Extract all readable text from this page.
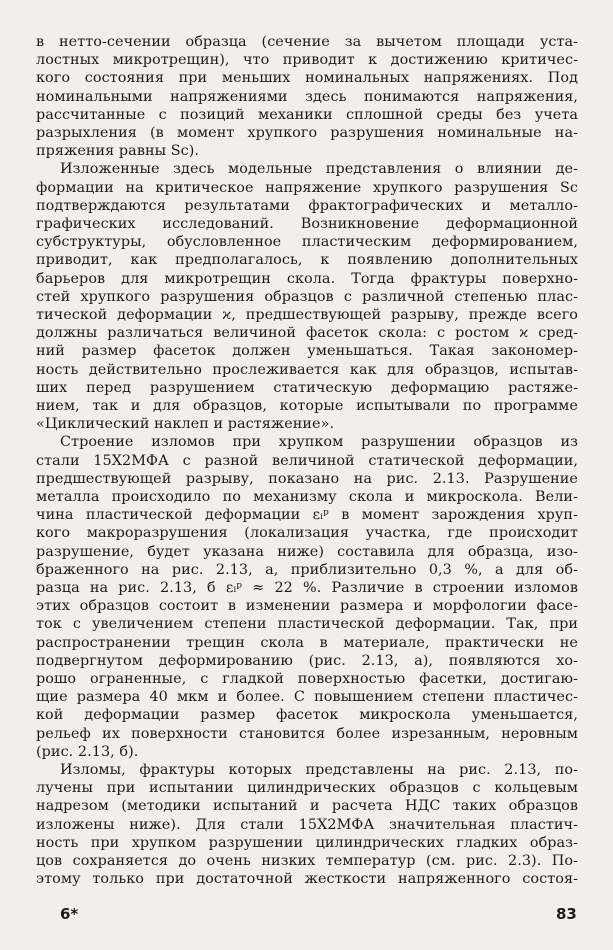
в нетто-сечении образца (сечение за вычетом площади уста-
лостных микротрещин), что приводит к достижению критичес-
кого состояния при меньших номинальных напряжениях. Под
номинальными напряжениями здесь понимаются напряжения,
рассчитанные с позиций механики сплошной среды без учета
разрыхления (в момент хрупкого разрушения номинальные на-
пряжения равны Sc).
Изложенные здесь модельные представления о влиянии де-
формации на критическое напряжение хрупкого разрушения Sc
подтверждаются результатами фрактографических и металло-
графических исследований. Возникновение деформационной
субструктуры, обусловленное пластическим деформированием,
приводит, как предполагалось, к появлению дополнительных
барьеров для микротрещин скола. Тогда фрактуры поверхно-
стей хрупкого разрушения образцов с различной степенью плас-
тической деформации ϰ, предшествующей разрыву, прежде всего
должны различаться величиной фасеток скола: с ростом ϰ сред-
ний размер фасеток должен уменьшаться. Такая закономер-
ность действительно прослеживается как для образцов, испытав-
ших перед разрушением статическую деформацию растяже-
нием, так и для образцов, которые испытывали по программе
«Циклический наклеп и растяжение».
Строение изломов при хрупком разрушении образцов из
стали 15Х2МФА с разной величиной статической деформации,
предшествующей разрыву, показано на рис. 2.13. Разрушение
металла происходило по механизму скола и микроскола. Вели-
чина пластической деформации εᵢᵖ в момент зарождения хруп-
кого макроразрушения (локализация участка, где происходит
разрушение, будет указана ниже) составила для образца, изо-
браженного на рис. 2.13, а, приблизительно 0,3 %, а для об-
разца на рис. 2.13, б εᵢᵖ ≈ 22 %. Различие в строении изломов
этих образцов состоит в изменении размера и морфологии фасе-
ток с увеличением степени пластической деформации. Так, при
распространении трещин скола в материале, практически не
подвергнутом деформированию (рис. 2.13, а), появляются хо-
рошо ограненные, с гладкой поверхностью фасетки, достигаю-
щие размера 40 мкм и более. С повышением степени пластичес-
кой деформации размер фасеток микроскола уменьшается,
рельеф их поверхности становится более изрезанным, неровным
(рис. 2.13, б).
Изломы, фрактуры которых представлены на рис. 2.13, по-
лучены при испытании цилиндрических образцов с кольцевым
надрезом (методики испытаний и расчета НДС таких образцов
изложены ниже). Для стали 15Х2МФА значительная пластич-
ность при хрупком разрушении цилиндрических гладких образ-
цов сохраняется до очень низких температур (см. рис. 2.3). По-
этому только при достаточной жесткости напряженного состоя-
6*	83
